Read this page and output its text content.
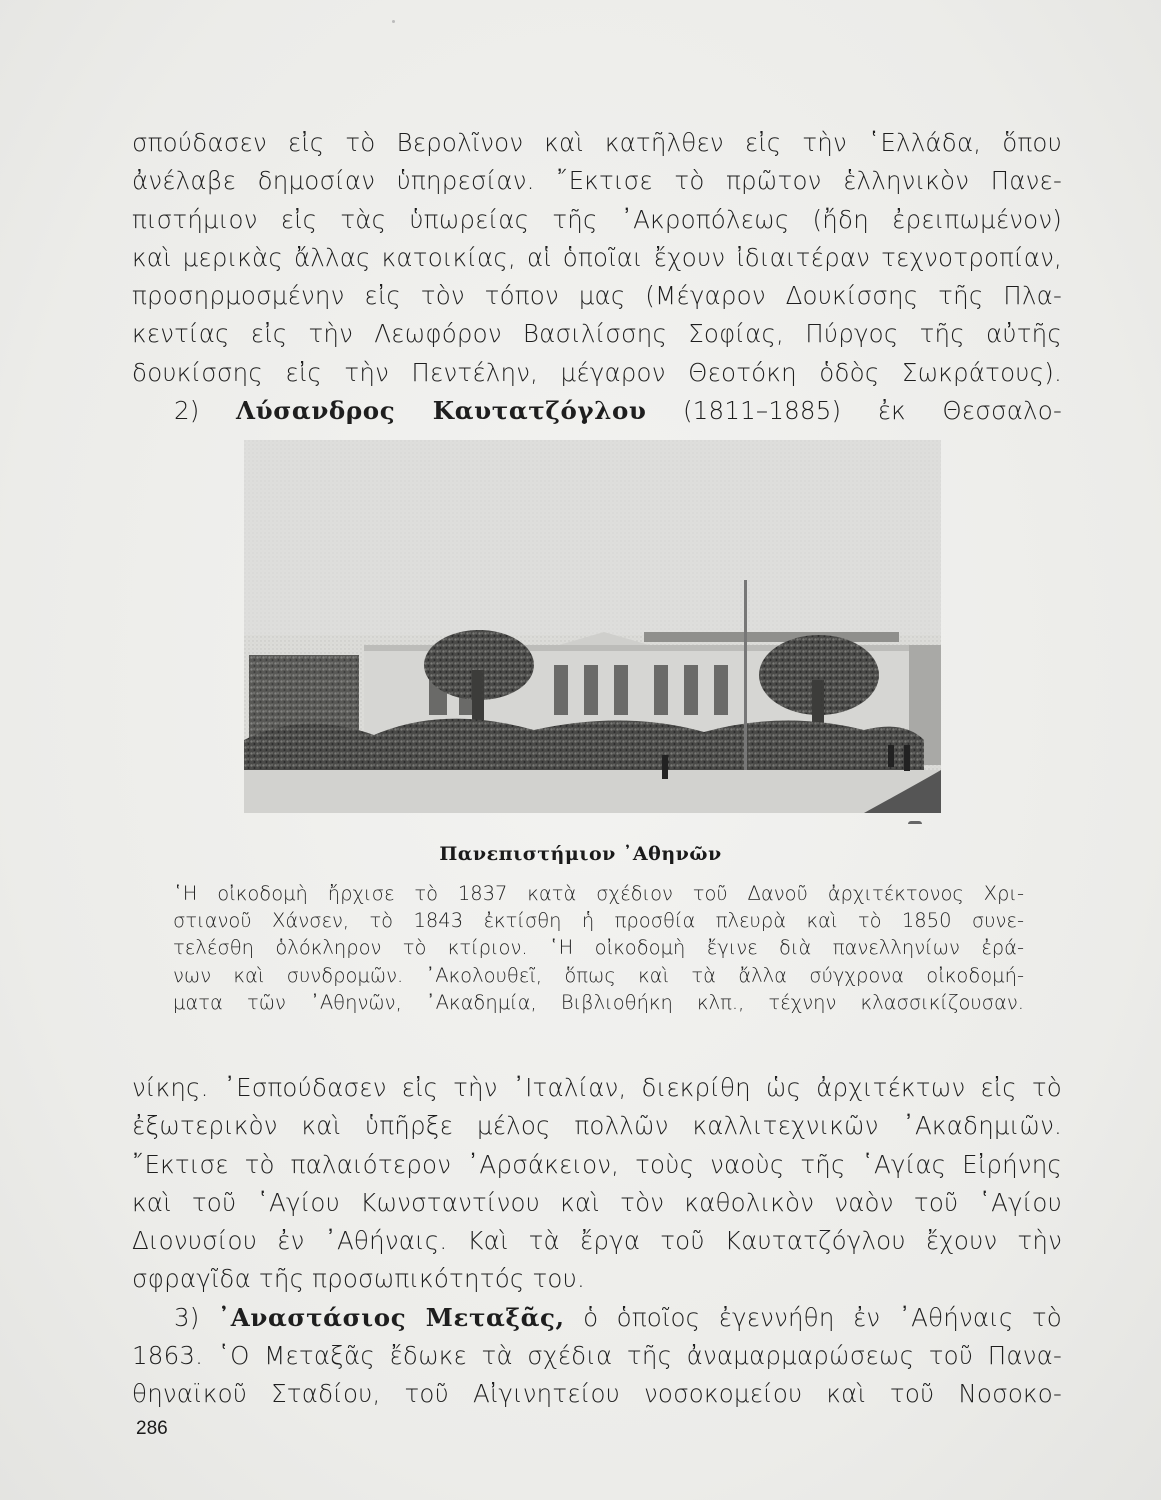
σπούδασεν εἰς τὸ Βερολῖνον καὶ κατῆλθεν εἰς τὴν ῾Ελλάδα, ὅπου
ἀνέλαβε δημοσίαν ὑπηρεσίαν. ῎Εκτισε τὸ πρῶτον ἑλληνικὸν Πανε-
πιστήμιον εἰς τὰς ὑπωρείας τῆς ᾿Ακροπόλεως (ἤδη ἐρειπωμένον)
καὶ μερικὰς ἄλλας κατοικίας, αἱ ὁποῖαι ἔχουν ἰδιαιτέραν τεχνοτροπίαν,
προσηρμοσμένην εἰς τὸν τόπον μας (Μέγαρον Δουκίσσης τῆς Πλα-
κεντίας εἰς τὴν Λεωφόρον Βασιλίσσης Σοφίας, Πύργος τῆς αὐτῆς
δουκίσσης εἰς τὴν Πεντέλην, μέγαρον Θεοτόκη ὁδὸς Σωκράτους).
2) Λύσανδρος Καυτατζόγλου (1811–1885) ἐκ Θεσσαλο-
Πανεπιστήμιον ᾿Αθηνῶν
῾Η οἰκοδομὴ ἤρχισε τὸ 1837 κατὰ σχέδιον τοῦ Δανοῦ ἀρχιτέκτονος Χρι-
στιανοῦ Χάνσεν, τὸ 1843 ἐκτίσθη ἡ προσθία πλευρὰ καὶ τὸ 1850 συνε-
τελέσθη ὁλόκληρον τὸ κτίριον. ῾Η οἰκοδομὴ ἔγινε διὰ πανελληνίων ἐρά-
νων καὶ συνδρομῶν. ᾿Ακολουθεῖ, ὅπως καὶ τὰ ἄλλα σύγχρονα οἰκοδομή-
ματα τῶν ᾿Αθηνῶν, ᾿Ακαδημία, Βιβλιοθήκη κλπ., τέχνην κλασσικίζουσαν.
νίκης. ᾿Εσπούδασεν εἰς τὴν ᾿Ιταλίαν, διεκρίθη ὡς ἀρχιτέκτων εἰς τὸ
ἐξωτερικὸν καὶ ὑπῆρξε μέλος πολλῶν καλλιτεχνικῶν ᾿Ακαδημιῶν.
῎Εκτισε τὸ παλαιότερον ᾿Αρσάκειον, τοὺς ναοὺς τῆς ῾Αγίας Εἰρήνης
καὶ τοῦ ῾Αγίου Κωνσταντίνου καὶ τὸν καθολικὸν ναὸν τοῦ ῾Αγίου
Διονυσίου ἐν ᾿Αθήναις. Καὶ τὰ ἔργα τοῦ Καυτατζόγλου ἔχουν τὴν
σφραγῖδα τῆς προσωπικότητός του.
3) ᾿Αναστάσιος Μεταξᾶς, ὁ ὁποῖος ἐγεννήθη ἐν ᾿Αθήναις τὸ
1863. ῾Ο Μεταξᾶς ἔδωκε τὰ σχέδια τῆς ἀναμαρμαρώσεως τοῦ Πανα-
θηναϊκοῦ Σταδίου, τοῦ Αἰγινητείου νοσοκομείου καὶ τοῦ Νοσοκο-
286
